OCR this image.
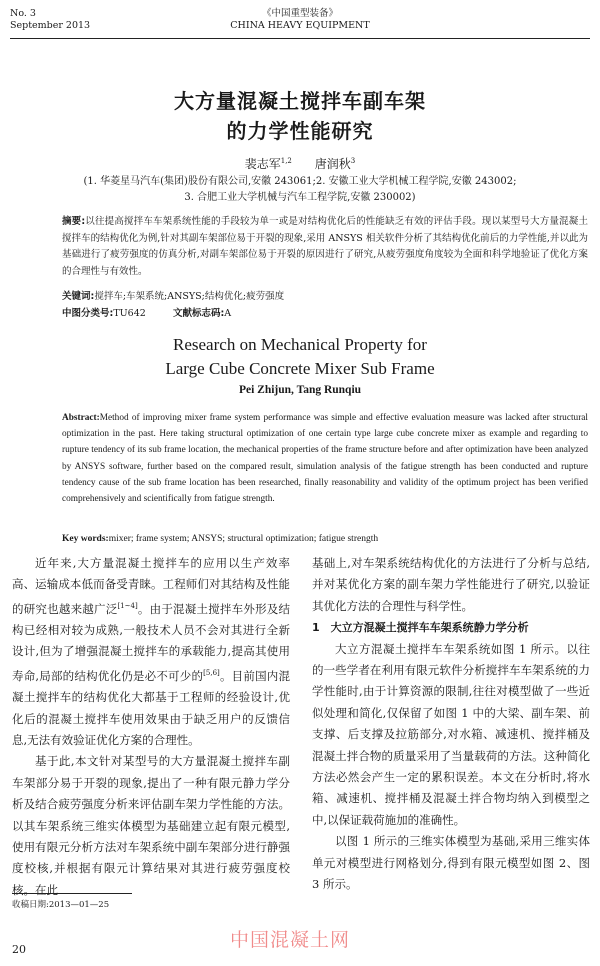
No. 3
September 2013
《中国重型装备》
CHINA HEAVY EQUIPMENT
大方量混凝土搅拌车副车架
的力学性能研究
裴志军$^{1,2}$ 唐润秋$^3$
(1. 华菱星马汽车(集团)股份有限公司,安徽 243061;2. 安徽工业大学机械工程学院,安徽 243002;
3. 合肥工业大学机械与汽车工程学院,安徽 230002)
摘要:以往提高搅拌车车架系统性能的手段较为单一或是对结构优化后的性能缺乏有效的评估手段。现以某型号大方量混凝土搅拌车的结构优化为例,针对其副车架部位易于开裂的现象,采用 ANSYS 相关软件分析了其结构优化前后的力学性能,并以此为基础进行了疲劳强度的仿真分析,对副车架部位易于开裂的原因进行了研究,从疲劳强度角度较为全面和科学地验证了优化方案的合理性与有效性。
关键词:搅拌车;车架系统;ANSYS;结构优化;疲劳强度
中图分类号:TU642	文献标志码:A
Research on Mechanical Property for
Large Cube Concrete Mixer Sub Frame
Pei Zhijun, Tang Runqiu
Abstract:Method of improving mixer frame system performance was simple and effective evaluation measure was lacked after structural optimization in the past. Here taking structural optimization of one certain type large cube concrete mixer as example and regarding to rupture tendency of its sub frame location, the mechanical properties of the frame structure before and after optimization have been analyzed by ANSYS software, further based on the compared result, simulation analysis of the fatigue strength has been conducted and rupture tendency cause of the sub frame location has been researched, finally reasonability and validity of the optimum project has been verified comprehensively and scientifically from fatigue strength.
Key words:mixer; frame system; ANSYS; structural optimization; fatigue strength

近年来,大方量混凝土搅拌车的应用以生产效率高、运输成本低而备受青睐。工程师们对其结构及性能的研究也越来越广泛[1~4]。由于混凝土搅拌车外形及结构已经相对较为成熟,一般技术人员不会对其进行全新设计,但为了增强混凝土搅拌车的承载能力,提高其使用寿命,局部的结构优化仍是必不可少的[5,6]。目前国内混凝土搅拌车的结构优化大都基于工程师的经验设计,优化后的混凝土搅拌车使用效果由于缺乏用户的反馈信息,无法有效验证优化方案的合理性。

基于此,本文针对某型号的大方量混凝土搅拌车副车架部分易于开裂的现象,提出了一种有限元静力学分析及结合疲劳强度分析来评估副车架力学性能的方法。以其车架系统三维实体模型为基础建立起有限元模型,使用有限元分析方法对车架系统中副车架部分进行静强度校核,并根据有限元计算结果对其进行疲劳强度校核。在此

基础上,对车架系统结构优化的方法进行了分析与总结,并对某优化方案的副车架力学性能进行了研究,以验证其优化方法的合理性与科学性。

1　大立方混凝土搅拌车车架系统静力学分析

大立方混凝土搅拌车车架系统如图 1 所示。以往的一些学者在利用有限元软件分析搅拌车车架系统的力学性能时,由于计算资源的限制,往往对模型做了一些近似处理和简化,仅保留了如图 1 中的大梁、副车架、前支撑、后支撑及拉筋部分,对水箱、减速机、搅拌桶及混凝土拌合物的质量采用了当量载荷的方法。这种简化方法必然会产生一定的累积误差。本文在分析时,将水箱、减速机、搅拌桶及混凝土拌合物均纳入到模型之中,以保证载荷施加的准确性。

以图 1 所示的三维实体模型为基础,采用三维实体单元对模型进行网格划分,得到有限元模型如图 2、图 3 所示。

收稿日期:2013—01—25
中国混凝土网
20
